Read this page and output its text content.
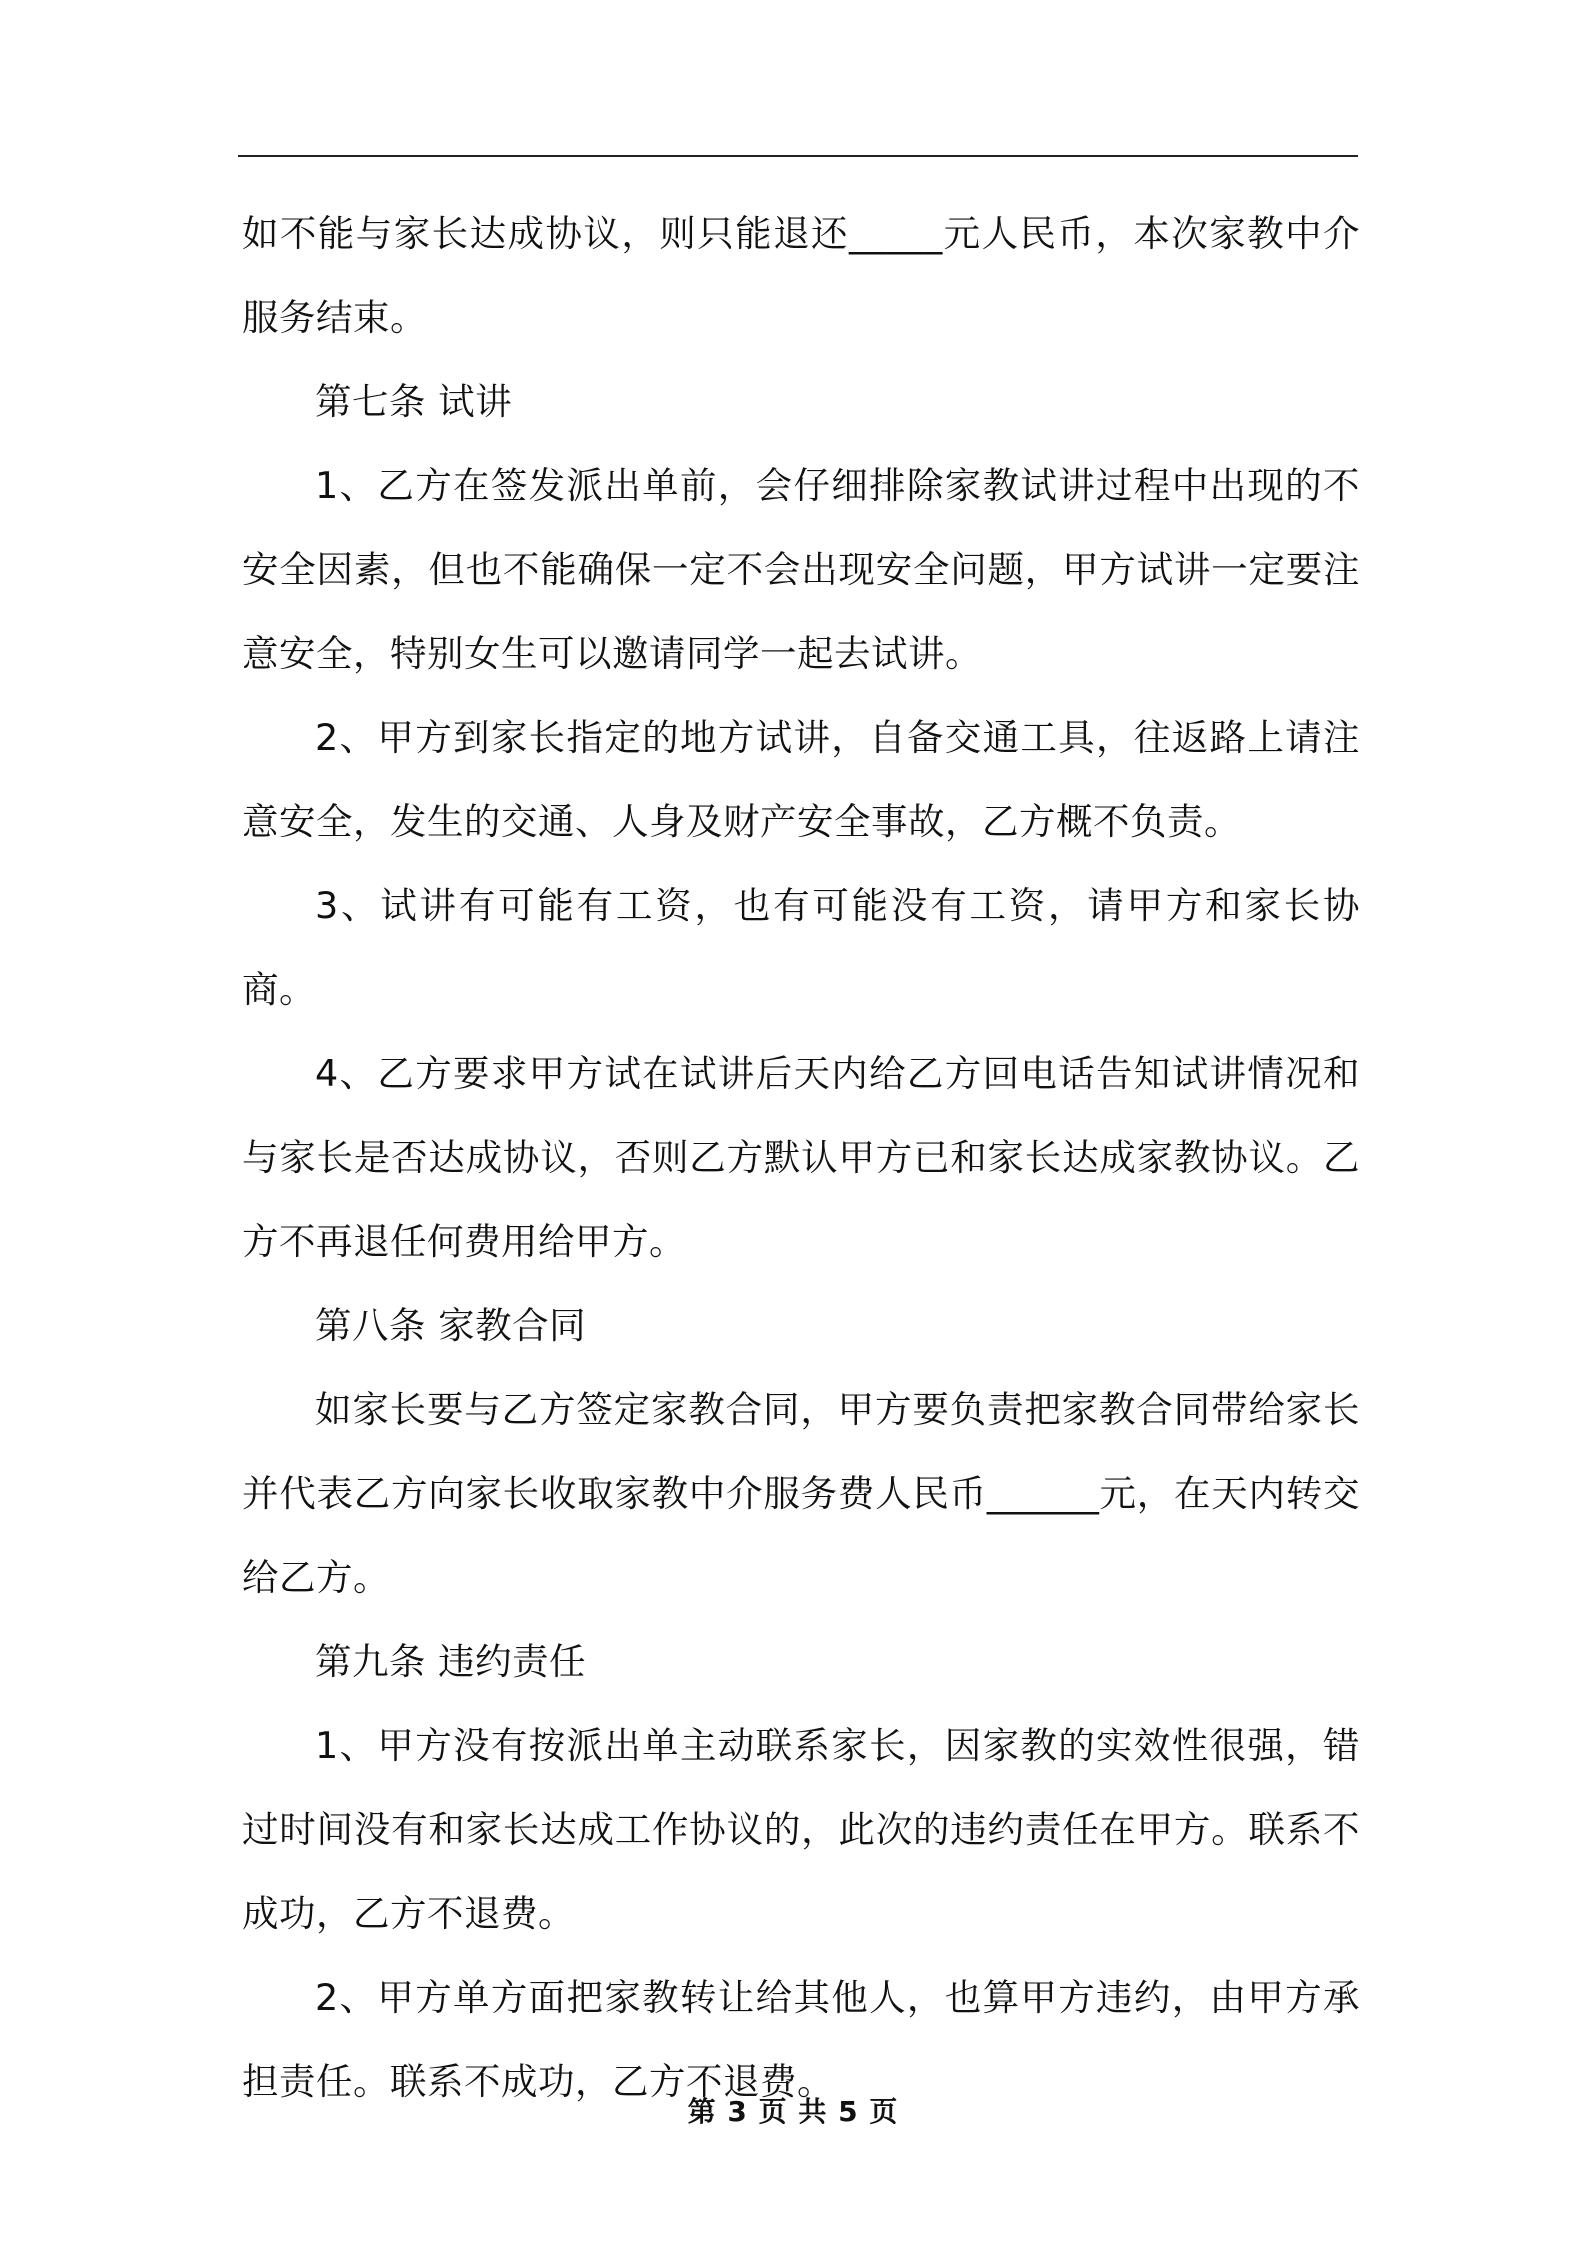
如不能与家长达成协议，则只能退还_____元人民币，本次家教中介服务结束。

第七条 试讲

1、乙方在签发派出单前，会仔细排除家教试讲过程中出现的不安全因素，但也不能确保一定不会出现安全问题，甲方试讲一定要注意安全，特别女生可以邀请同学一起去试讲。

2、甲方到家长指定的地方试讲，自备交通工具，往返路上请注意安全，发生的交通、人身及财产安全事故，乙方概不负责。

3、试讲有可能有工资，也有可能没有工资，请甲方和家长协商。

4、乙方要求甲方试在试讲后天内给乙方回电话告知试讲情况和与家长是否达成协议，否则乙方默认甲方已和家长达成家教协议。乙方不再退任何费用给甲方。

第八条 家教合同

如家长要与乙方签定家教合同，甲方要负责把家教合同带给家长并代表乙方向家长收取家教中介服务费人民币______元，在天内转交给乙方。

第九条 违约责任

1、甲方没有按派出单主动联系家长，因家教的实效性很强，错过时间没有和家长达成工作协议的，此次的违约责任在甲方。联系不成功，乙方不退费。

2、甲方单方面把家教转让给其他人，也算甲方违约，由甲方承担责任。联系不成功，乙方不退费。

第 3 页 共 5 页
